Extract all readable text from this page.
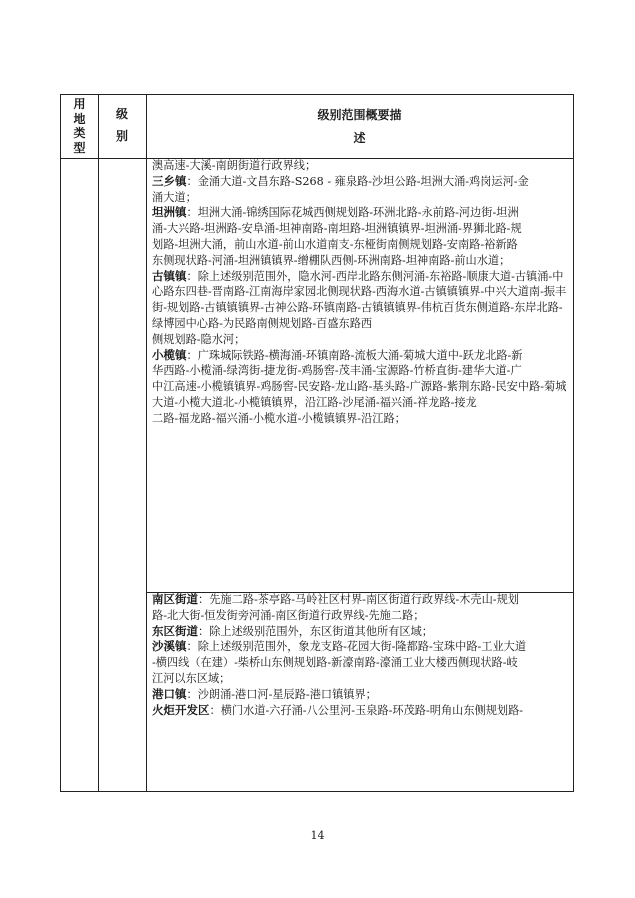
用
地
类
型
级
别
级别范围概要描
述

澳高速-大溪-南朗街道行政界线；

三乡镇：金涌大道-文昌东路-S268 - 雍泉路-沙坦公路-坦洲大涌-鸡岗运河-金

涌大道；

坦洲镇：坦洲大涌-锦绣国际花城西侧规划路-环洲北路-永前路-河边街-坦洲

涌-大兴路-坦洲路-安阜涌-坦神南路-南坦路-坦洲镇镇界-坦洲涌-界狮北路-规

划路-坦洲大涌，前山水道-前山水道南支-东桠街南侧规划路-安南路-裕新路

东侧现状路-河涌-坦洲镇镇界-缯棚队西侧-环洲南路-坦神南路-前山水道；

古镇镇：除上述级别范围外，隐水河-西岸北路东侧河涌-东裕路-顺康大道-古镇涌-中心路东四巷-晋南路-江南海岸家园北侧现状路-西海水道-古镇镇镇界-中兴大道南-振丰街-规划路-古镇镇镇界-古神公路-环镇南路-古镇镇镇界-伟杭百货东侧道路-东岸北路-绿博园中心路-为民路南侧规划路-百盛东路西

侧规划路-隐水河；

小榄镇：广珠城际铁路-横海涌-环镇南路-流板大涌-菊城大道中-跃龙北路-新

华西路-小榄涌-绿湾街-捷龙街-鸡肠窖-茂丰涌-宝源路-竹桥直街-建华大道-广

中江高速-小榄镇镇界-鸡肠窖-民安路-龙山路-基头路-广源路-紫荆东路-民安中路-菊城大道-小榄大道北-小榄镇镇界，沿江路-沙尾涌-福兴涌-祥龙路-接龙

二路-福龙路-福兴涌-小榄水道-小榄镇镇界-沿江路；

南区街道：先施二路-茶亭路-马岭社区村界-南区街道行政界线-木壳山-规划

路-北大街-恒发街旁河涌-南区街道行政界线-先施二路；

东区街道：除上述级别范围外，东区街道其他所有区域；

沙溪镇：除上述级别范围外，象龙支路-花园大街-隆都路-宝珠中路-工业大道

-横四线（在建）-柴桥山东侧规划路-新濠南路-濠涌工业大楼西侧现状路-岐

江河以东区域；

港口镇：沙朗涌-港口河-星辰路-港口镇镇界；

火炬开发区：横门水道-六孖涌-八公里河-玉泉路-环茂路-明角山东侧规划路-

14
